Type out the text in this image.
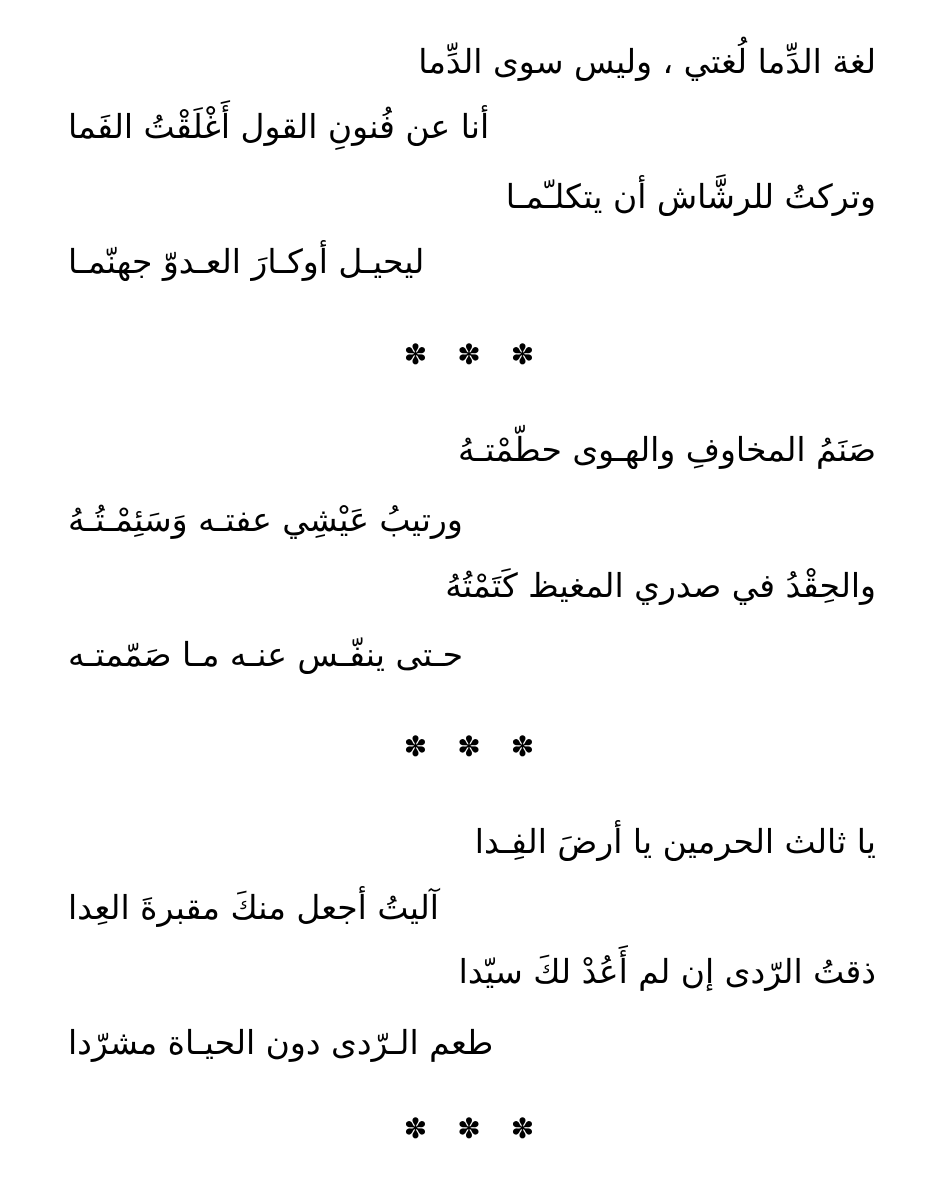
لغة الدِّما لُغتي ، وليس سوى الدِّما
أنا عن فُنونِ القول أَغْلَقْتُ الفَما
وتركتُ للرشَّاش أن يتكلـّمـا
ليحيـل أوكـارَ العـدوّ جهنّمـا
✽ ✽ ✽
صَنَمُ المخاوفِ والهـوى حطّمْتـهُ
ورتيبُ عَيْشِي عفتـه وَسَئِمْـتُـهُ
والحِقْدُ في صدري المغيظ كَتَمْتُهُ
حـتى ينفّـس عنـه مـا صَمّمتـه
✽ ✽ ✽
يا ثالث الحرمين يا أرضَ الفِـدا
آليتُ أجعل منكَ مقبرةَ العِدا
ذقتُ الرّدى إن لم أَعُدْ لكَ سيّدا
طعم الـرّدى دون الحيـاة مشرّدا
✽ ✽ ✽
